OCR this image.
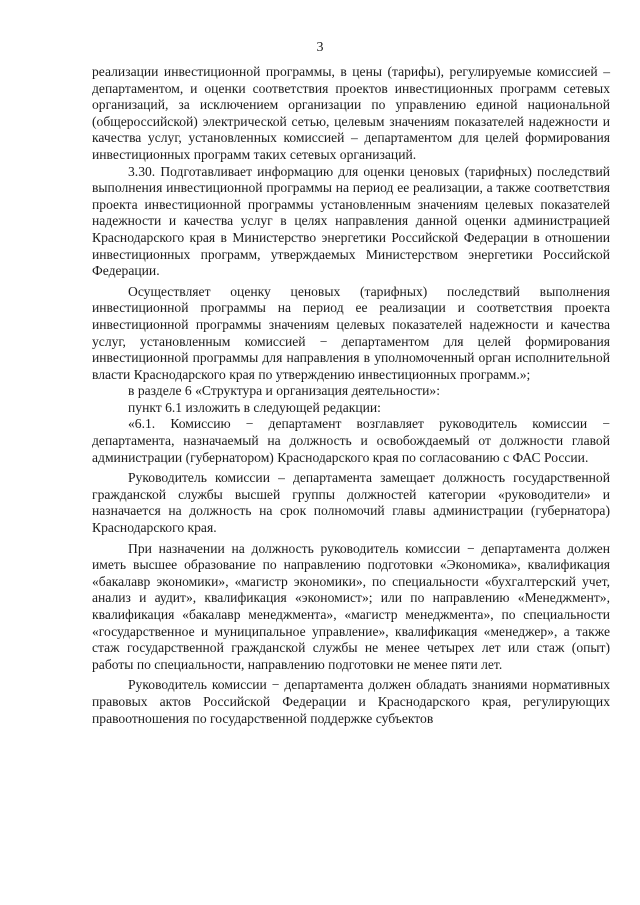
3

реализации инвестиционной программы, в цены (тарифы), регулируемые комиссией – департаментом, и оценки соответствия проектов инвестиционных программ сетевых организаций, за исключением организации по управлению единой национальной (общероссийской) электрической сетью, целевым значениям показателей надежности и качества услуг, установленных комиссией – департаментом для целей формирования инвестиционных программ таких сетевых организаций.

3.30. Подготавливает информацию для оценки ценовых (тарифных) последствий выполнения инвестиционной программы на период ее реализации, а также соответствия проекта инвестиционной программы установленным значениям целевых показателей надежности и качества услуг в целях направления данной оценки администрацией Краснодарского края в Министерство энергетики Российской Федерации в отношении инвестиционных программ, утверждаемых Министерством энергетики Российской Федерации.

Осуществляет оценку ценовых (тарифных) последствий выполнения инвестиционной программы на период ее реализации и соответствия проекта инвестиционной программы значениям целевых показателей надежности и качества услуг, установленным комиссией − департаментом для целей формирования инвестиционной программы для направления в уполномоченный орган исполнительной власти Краснодарского края по утверждению инвестиционных программ.»;

в разделе 6 «Структура и организация деятельности»:

пункт 6.1 изложить в следующей редакции:

«6.1. Комиссию − департамент возглавляет руководитель комиссии − департамента, назначаемый на должность и освобождаемый от должности главой администрации (губернатором) Краснодарского края по согласованию с ФАС России.

Руководитель комиссии – департамента замещает должность государственной гражданской службы высшей группы должностей категории «руководители» и назначается на должность на срок полномочий главы администрации (губернатора) Краснодарского края.

При назначении на должность руководитель комиссии − департамента должен иметь высшее образование по направлению подготовки «Экономика», квалификация «бакалавр экономики», «магистр экономики», по специальности «бухгалтерский учет, анализ и аудит», квалификация «экономист»; или по направлению «Менеджмент», квалификация «бакалавр менеджмента», «магистр менеджмента», по специальности «государственное и муниципальное управление», квалификация «менеджер», а также стаж государственной гражданской службы не менее четырех лет или стаж (опыт) работы по специальности, направлению подготовки не менее пяти лет.

Руководитель комиссии − департамента должен обладать знаниями нормативных правовых актов Российской Федерации и Краснодарского края, регулирующих правоотношения по государственной поддержке субъектов
